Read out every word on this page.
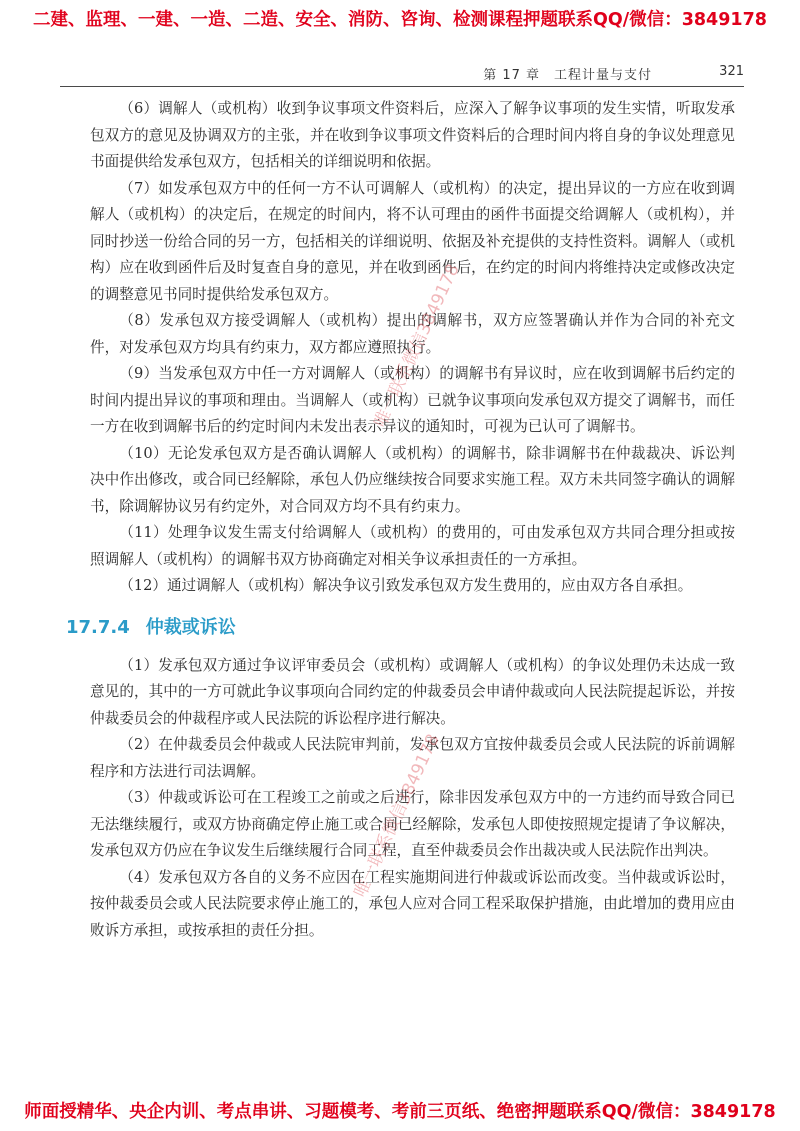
二建、监理、一建、一造、二造、安全、消防、咨询、检测课程押题联系QQ/微信：3849178
第 17 章　工程计量与支付	321

（6）调解人（或机构）收到争议事项文件资料后，应深入了解争议事项的发生实情，听取发承包双方的意见及协调双方的主张，并在收到争议事项文件资料后的合理时间内将自身的争议处理意见书面提供给发承包双方，包括相关的详细说明和依据。

（7）如发承包双方中的任何一方不认可调解人（或机构）的决定，提出异议的一方应在收到调解人（或机构）的决定后，在规定的时间内，将不认可理由的函件书面提交给调解人（或机构），并同时抄送一份给合同的另一方，包括相关的详细说明、依据及补充提供的支持性资料。调解人（或机构）应在收到函件后及时复查自身的意见，并在收到函件后，在约定的时间内将维持决定或修改决定的调整意见书同时提供给发承包双方。

（8）发承包双方接受调解人（或机构）提出的调解书，双方应签署确认并作为合同的补充文件，对发承包双方均具有约束力，双方都应遵照执行。

（9）当发承包双方中任一方对调解人（或机构）的调解书有异议时，应在收到调解书后约定的时间内提出异议的事项和理由。当调解人（或机构）已就争议事项向发承包双方提交了调解书，而任一方在收到调解书后的约定时间内未发出表示异议的通知时，可视为已认可了调解书。

（10）无论发承包双方是否确认调解人（或机构）的调解书，除非调解书在仲裁裁决、诉讼判决中作出修改，或合同已经解除，承包人仍应继续按合同要求实施工程。双方未共同签字确认的调解书，除调解协议另有约定外，对合同双方均不具有约束力。

（11）处理争议发生需支付给调解人（或机构）的费用的，可由发承包双方共同合理分担或按照调解人（或机构）的调解书双方协商确定对相关争议承担责任的一方承担。

（12）通过调解人（或机构）解决争议引致发承包双方发生费用的，应由双方各自承担。

17.7.4 仲裁或诉讼

（1）发承包双方通过争议评审委员会（或机构）或调解人（或机构）的争议处理仍未达成一致意见的，其中的一方可就此争议事项向合同约定的仲裁委员会申请仲裁或向人民法院提起诉讼，并按仲裁委员会的仲裁程序或人民法院的诉讼程序进行解决。

（2）在仲裁委员会仲裁或人民法院审判前，发承包双方宜按仲裁委员会或人民法院的诉前调解程序和方法进行司法调解。

（3）仲裁或诉讼可在工程竣工之前或之后进行，除非因发承包双方中的一方违约而导致合同已无法继续履行，或双方协商确定停止施工或合同已经解除，发承包人即使按照规定提请了争议解决，发承包双方仍应在争议发生后继续履行合同工程，直至仲裁委员会作出裁决或人民法院作出判决。

（4）发承包双方各自的义务不应因在工程实施期间进行仲裁或诉讼而改变。当仲裁或诉讼时，按仲裁委员会或人民法院要求停止施工的，承包人应对合同工程采取保护措施，由此增加的费用应由败诉方承担，或按承担的责任分担。

唯一联系微信3849178
唯一联系微信3849178
师面授精华、央企内训、考点串讲、习题模考、考前三页纸、绝密押题联系QQ/微信：3849178
